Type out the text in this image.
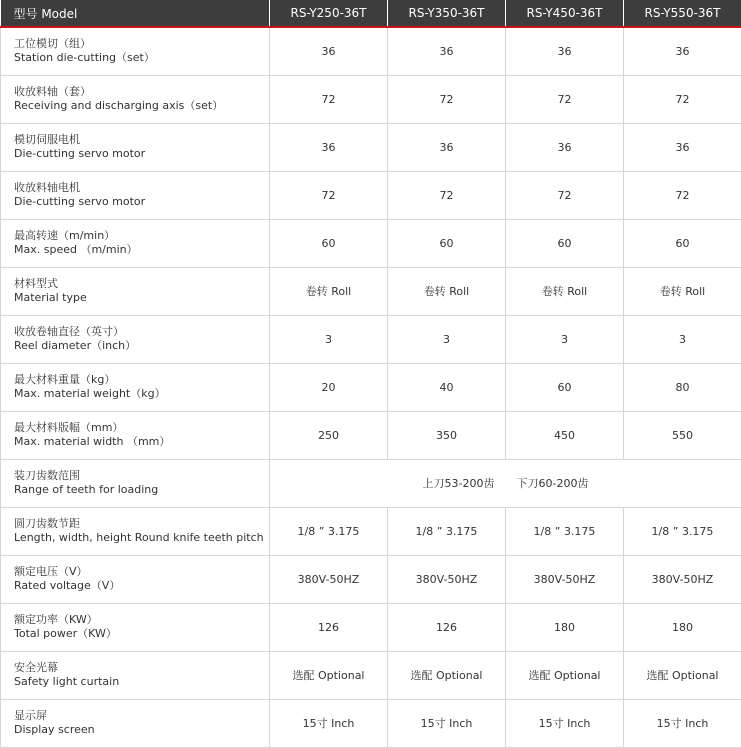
型号 Model	RS-Y250-36T	RS-Y350-36T	RS-Y450-36T	RS-Y550-36T

工位模切（组）
Station die-cutting（set）	36	36	36	36

收放料轴（套）
Receiving and discharging axis（set）	72	72	72	72

模切伺服电机
Die-cutting servo motor	36	36	36	36

收放料轴电机
Die-cutting servo motor	72	72	72	72

最高转速（m/min）
Max. speed （m/min）	60	60	60	60

材料型式
Material type	卷转 Roll	卷转 Roll	卷转 Roll	卷转 Roll

收放卷轴直径（英寸）
Reel diameter（inch）	3	3	3	3

最大材料重量（kg）
Max. material weight（kg）	20	40	60	80

最大材料版幅（mm）
Max. material width （mm）	250	350	450	550

装刀齿数范围
Range of teeth for loading	上刀53-200齿 下刀60-200齿			

圆刀齿数节距
Length, width, height Round knife teeth pitch	1/8 ” 3.175	1/8 ” 3.175	1/8 ” 3.175	1/8 ” 3.175

额定电压（V）
Rated voltage（V）	380V-50HZ	380V-50HZ	380V-50HZ	380V-50HZ

额定功率（KW）
Total power（KW）	126	126	180	180

安全光幕
Safety light curtain	选配 Optional	选配 Optional	选配 Optional	选配 Optional

显示屏
Display screen	15寸 Inch	15寸 Inch	15寸 Inch	15寸 Inch
